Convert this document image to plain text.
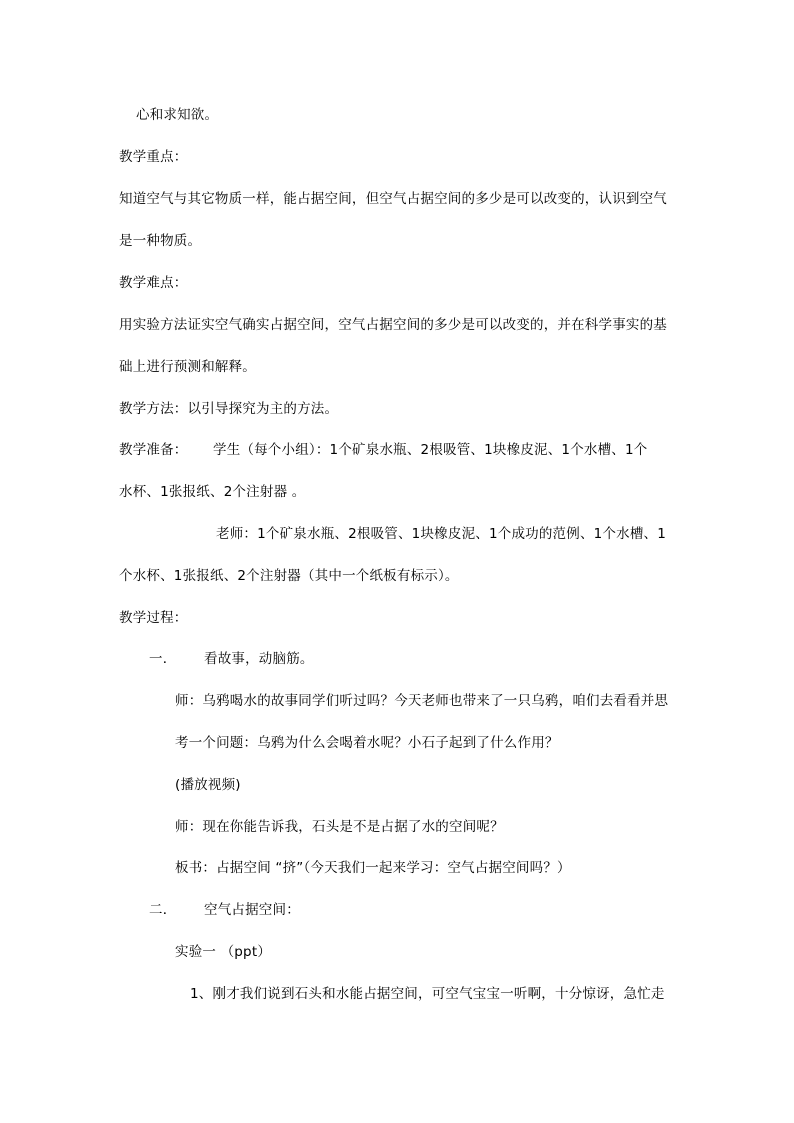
心和求知欲。
教学重点：
知道空气与其它物质一样，能占据空间，但空气占据空间的多少是可以改变的，认识到空气
是一种物质。
教学难点：
用实验方法证实空气确实占据空间，空气占据空间的多少是可以改变的，并在科学事实的基
础上进行预测和解释。
教学方法：以引导探究为主的方法。
教学准备： 学生（每个小组）：1个矿泉水瓶、2根吸管、1块橡皮泥、1个水槽、1个
水杯、1张报纸、2个注射器 。
老师：1个矿泉水瓶、2根吸管、1块橡皮泥、1个成功的范例、1个水槽、1
个水杯、1张报纸、2个注射器（其中一个纸板有标示）。
教学过程：
一． 看故事，动脑筋。
师：乌鸦喝水的故事同学们听过吗？今天老师也带来了一只乌鸦，咱们去看看并思
考一个问题：乌鸦为什么会喝着水呢？小石子起到了什么作用？
(播放视频)
师：现在你能告诉我，石头是不是占据了水的空间呢？
板书：占据空间 “挤”（今天我们一起来学习：空气占据空间吗？）
二． 空气占据空间：
实验一 （ppt）
1、刚才我们说到石头和水能占据空间，可空气宝宝一听啊，十分惊讶，急忙走
